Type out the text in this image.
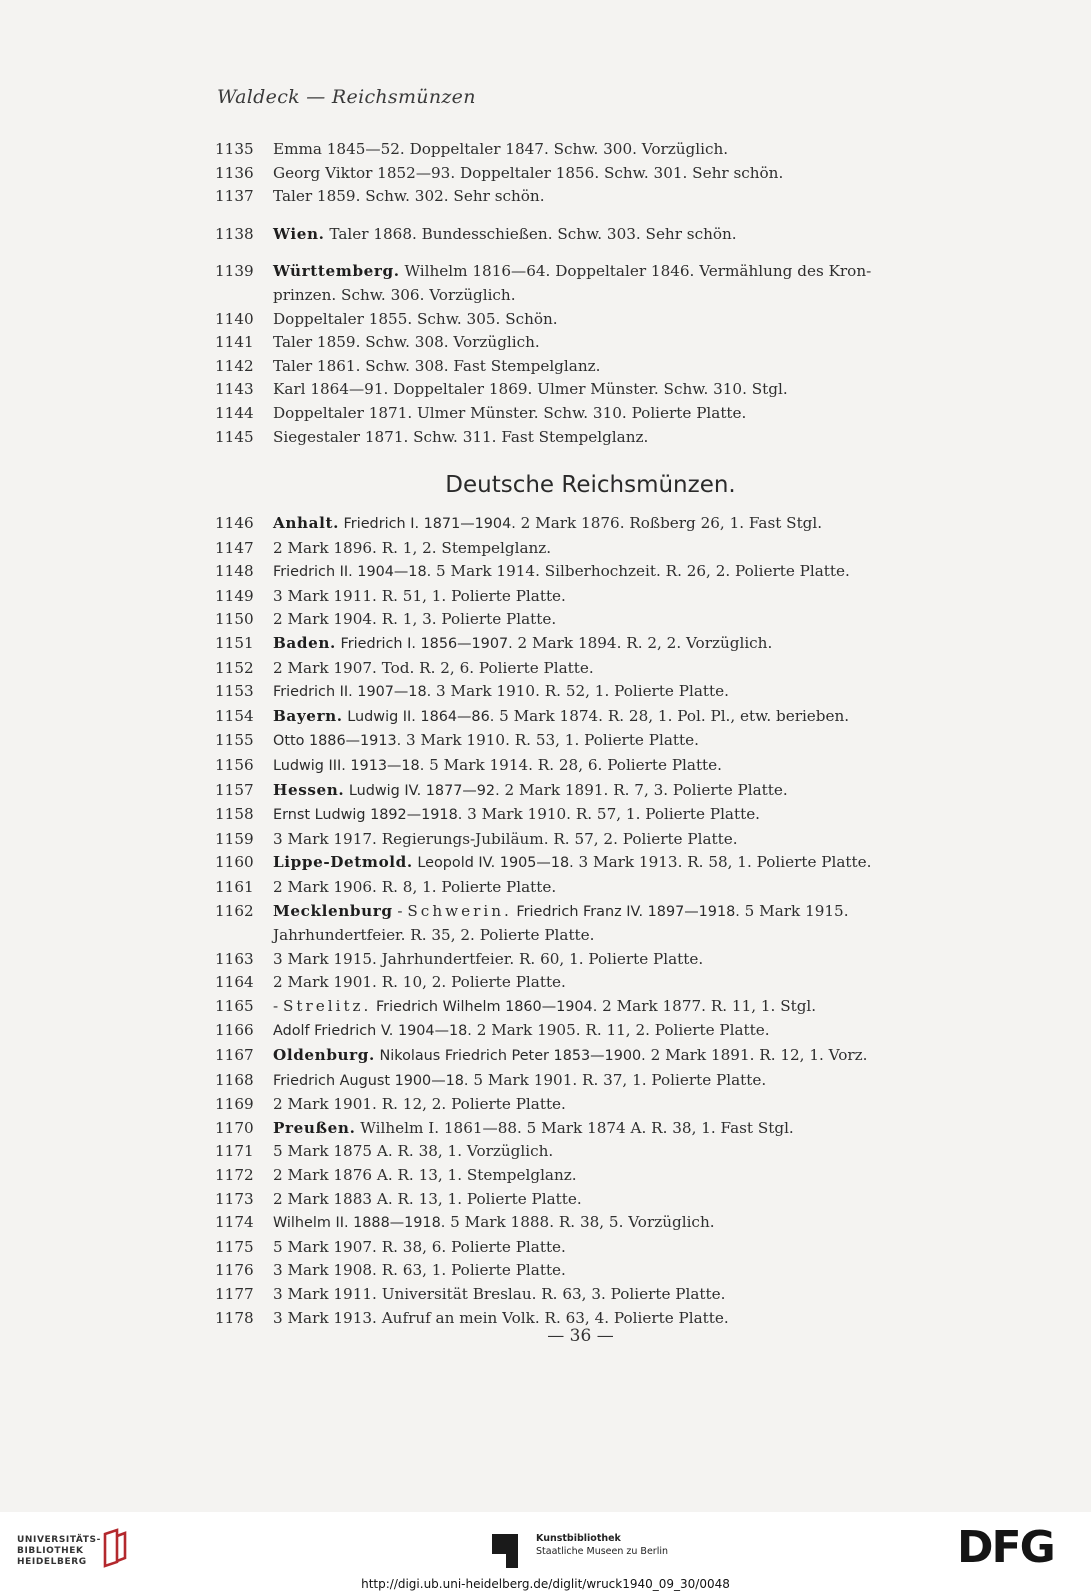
Waldeck — Reichsmünzen
1135	Emma 1845—52. Doppeltaler 1847. Schw. 300. Vorzüglich.
1136	Georg Viktor 1852—93. Doppeltaler 1856. Schw. 301. Sehr schön.
1137	Taler 1859. Schw. 302. Sehr schön.
1138	Wien. Taler 1868. Bundesschießen. Schw. 303. Sehr schön.
1139	Württemberg. Wilhelm 1816—64. Doppeltaler 1846. Vermählung des Kron-
prinzen. Schw. 306. Vorzüglich.
1140	Doppeltaler 1855. Schw. 305. Schön.
1141	Taler 1859. Schw. 308. Vorzüglich.
1142	Taler 1861. Schw. 308. Fast Stempelglanz.
1143	Karl 1864—91. Doppeltaler 1869. Ulmer Münster. Schw. 310. Stgl.
1144	Doppeltaler 1871. Ulmer Münster. Schw. 310. Polierte Platte.
1145	Siegestaler 1871. Schw. 311. Fast Stempelglanz.
Deutsche Reichsmünzen.
1146	Anhalt. Friedrich I. 1871—1904. 2 Mark 1876. Roßberg 26, 1. Fast Stgl.
1147	2 Mark 1896. R. 1, 2. Stempelglanz.
1148	Friedrich II. 1904—18. 5 Mark 1914. Silberhochzeit. R. 26, 2. Polierte Platte.
1149	3 Mark 1911. R. 51, 1. Polierte Platte.
1150	2 Mark 1904. R. 1, 3. Polierte Platte.
1151	Baden. Friedrich I. 1856—1907. 2 Mark 1894. R. 2, 2. Vorzüglich.
1152	2 Mark 1907. Tod. R. 2, 6. Polierte Platte.
1153	Friedrich II. 1907—18. 3 Mark 1910. R. 52, 1. Polierte Platte.
1154	Bayern. Ludwig II. 1864—86. 5 Mark 1874. R. 28, 1. Pol. Pl., etw. berieben.
1155	Otto 1886—1913. 3 Mark 1910. R. 53, 1. Polierte Platte.
1156	Ludwig III. 1913—18. 5 Mark 1914. R. 28, 6. Polierte Platte.
1157	Hessen. Ludwig IV. 1877—92. 2 Mark 1891. R. 7, 3. Polierte Platte.
1158	Ernst Ludwig 1892—1918. 3 Mark 1910. R. 57, 1. Polierte Platte.
1159	3 Mark 1917. Regierungs-Jubiläum. R. 57, 2. Polierte Platte.
1160	Lippe-Detmold. Leopold IV. 1905—18. 3 Mark 1913. R. 58, 1. Polierte Platte.
1161	2 Mark 1906. R. 8, 1. Polierte Platte.
1162	Mecklenburg - Schwerin. Friedrich Franz IV. 1897—1918. 5 Mark 1915.
Jahrhundertfeier. R. 35, 2. Polierte Platte.
1163	3 Mark 1915. Jahrhundertfeier. R. 60, 1. Polierte Platte.
1164	2 Mark 1901. R. 10, 2. Polierte Platte.
1165	- Strelitz. Friedrich Wilhelm 1860—1904. 2 Mark 1877. R. 11, 1. Stgl.
1166	Adolf Friedrich V. 1904—18. 2 Mark 1905. R. 11, 2. Polierte Platte.
1167	Oldenburg. Nikolaus Friedrich Peter 1853—1900. 2 Mark 1891. R. 12, 1. Vorz.
1168	Friedrich August 1900—18. 5 Mark 1901. R. 37, 1. Polierte Platte.
1169	2 Mark 1901. R. 12, 2. Polierte Platte.
1170	Preußen. Wilhelm I. 1861—88. 5 Mark 1874 A. R. 38, 1. Fast Stgl.
1171	5 Mark 1875 A. R. 38, 1. Vorzüglich.
1172	2 Mark 1876 A. R. 13, 1. Stempelglanz.
1173	2 Mark 1883 A. R. 13, 1. Polierte Platte.
1174	Wilhelm II. 1888—1918. 5 Mark 1888. R. 38, 5. Vorzüglich.
1175	5 Mark 1907. R. 38, 6. Polierte Platte.
1176	3 Mark 1908. R. 63, 1. Polierte Platte.
1177	3 Mark 1911. Universität Breslau. R. 63, 3. Polierte Platte.
1178	3 Mark 1913. Aufruf an mein Volk. R. 63, 4. Polierte Platte.
— 36 —
UNIVERSITÄTS-
BIBLIOTHEK
HEIDELBERG
Kunstbibliothek
Staatliche Museen zu Berlin	DFG
http://digi.ub.uni-heidelberg.de/diglit/wruck1940_09_30/0048
